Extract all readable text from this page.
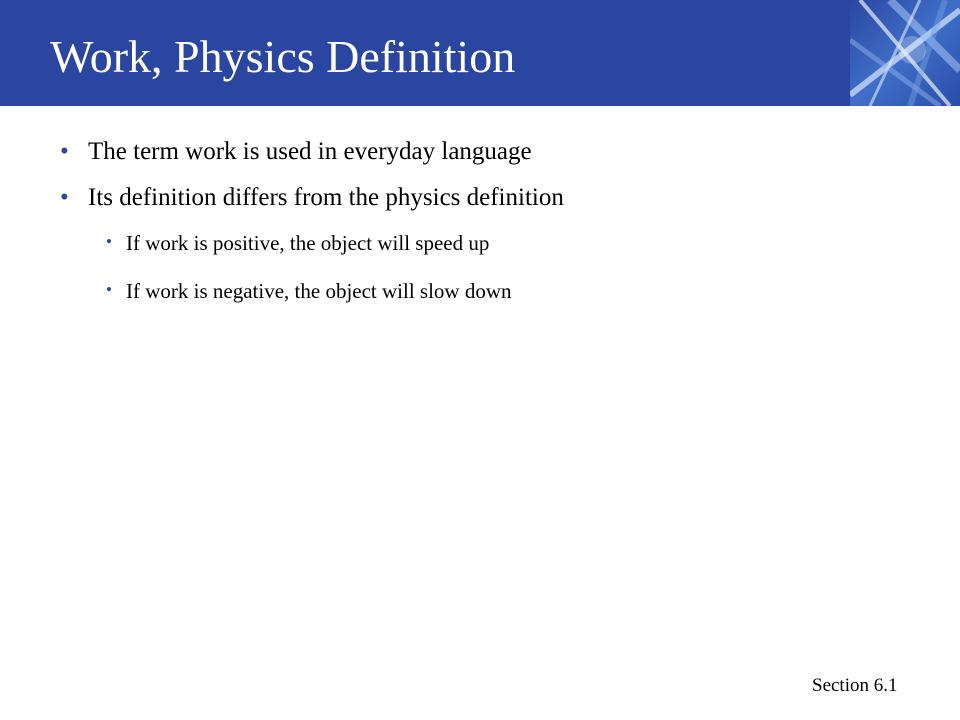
Work, Physics Definition
• The term work is used in everyday language
• Its definition differs from the physics definition
• If work is positive, the object will speed up
• If work is negative, the object will slow down
Section 6.1
